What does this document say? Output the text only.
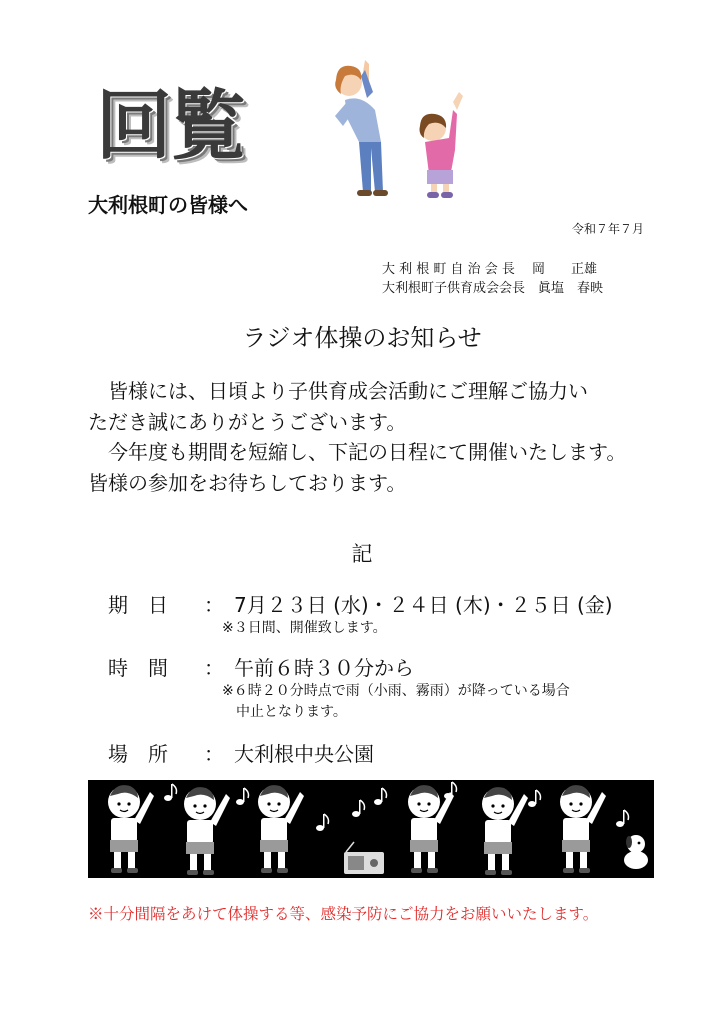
回覧
大利根町の皆様へ
令和７年７月
大 利 根 町 自 治 会 長　 岡　　正雄
大利根町子供育成会会長　眞塩　春映
ラジオ体操のお知らせ
　皆様には、日頃より子供育成会活動にご理解ご協力い
ただき誠にありがとうございます。
　今年度も期間を短縮し、下記の日程にて開催いたします。
皆様の参加をお待ちしております。
記
期日 ： 7月２３日 (水)・２４日 (木)・２５日 (金)
※３日間、開催致します。
時間 ： 午前６時３０分から
※６時２０分時点で雨（小雨、霧雨）が降っている場合
　中止となります。
場所 ： 大利根中央公園
※十分間隔をあけて体操する等、感染予防にご協力をお願いいたします。
